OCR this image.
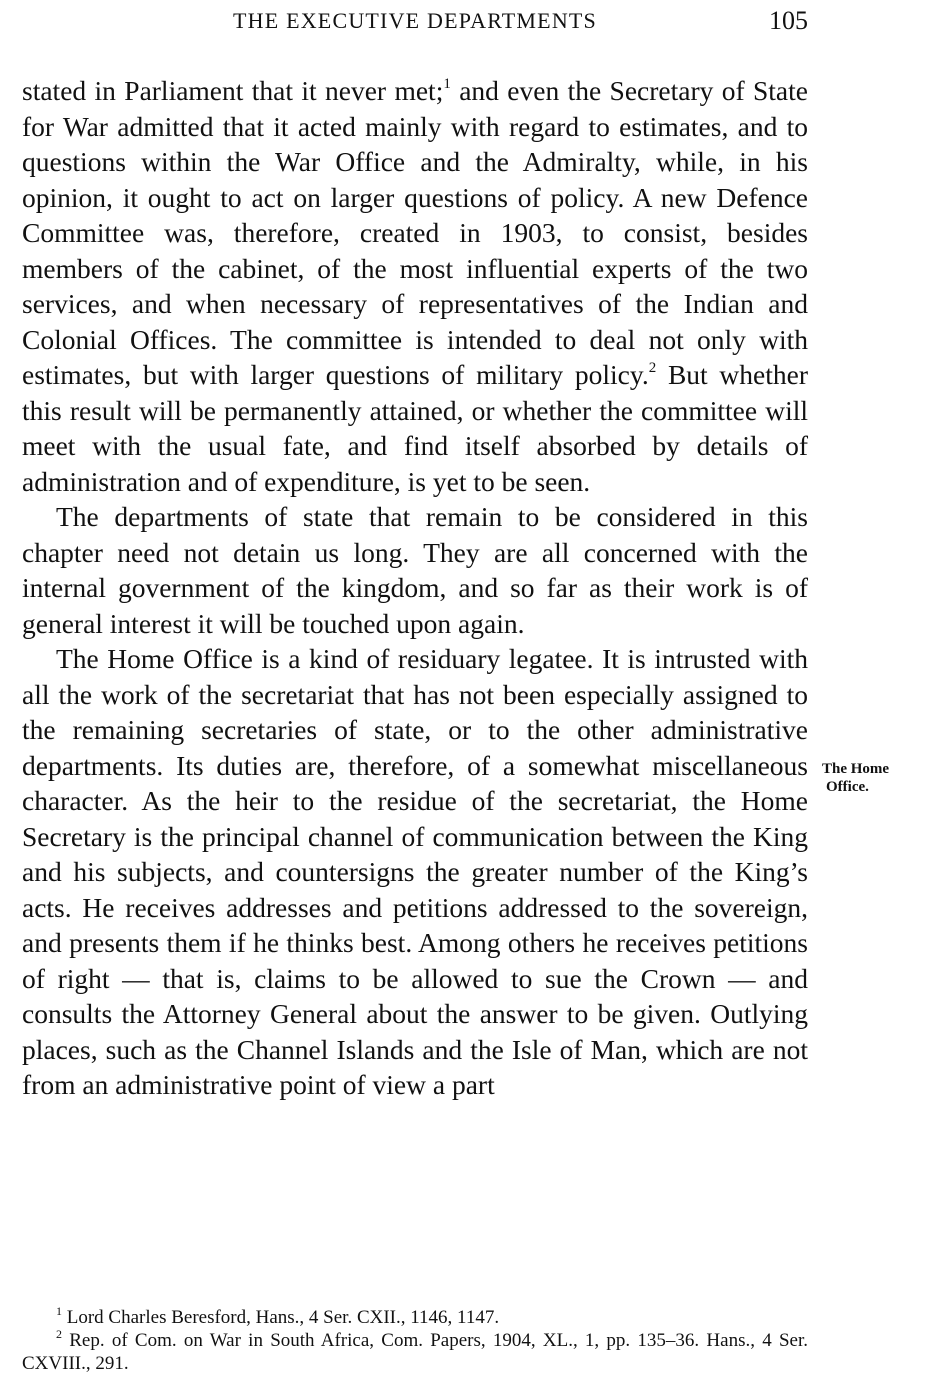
THE EXECUTIVE DEPARTMENTS	105

stated in Parliament that it never met;$^1$ and even the Secretary of State for War admitted that it acted mainly with regard to estimates, and to questions within the War Office and the Admiralty, while, in his opinion, it ought to act on larger questions of policy. A new Defence Committee was, therefore, created in 1903, to consist, besides members of the cabinet, of the most influential experts of the two services, and when necessary of representatives of the Indian and Colonial Offices. The committee is intended to deal not only with estimates, but with larger questions of military policy.$^2$ But whether this result will be permanently attained, or whether the committee will meet with the usual fate, and find itself absorbed by details of administration and of expenditure, is yet to be seen.

The departments of state that remain to be considered in this chapter need not detain us long. They are all concerned with the internal government of the kingdom, and so far as their work is of general interest it will be touched upon again.

The Home Office is a kind of residuary legatee. It is intrusted with all the work of the secretariat that has not been especially assigned to the remaining secretaries of state, or to the other administrative departments. Its duties are, therefore, of a somewhat miscellaneous character. As the heir to the residue of the secretariat, the Home Secretary is the principal channel of communication between the King and his subjects, and countersigns the greater number of the King’s acts. He receives addresses and petitions addressed to the sovereign, and presents them if he thinks best. Among others he receives petitions of right — that is, claims to be allowed to sue the Crown — and consults the Attorney General about the answer to be given. Outlying places, such as the Channel Islands and the Isle of Man, which are not from an administrative point of view a part

The Home
Office.

$^1$ Lord Charles Beresford, Hans., 4 Ser. CXII., 1146, 1147.

$^2$ Rep. of Com. on War in South Africa, Com. Papers, 1904, XL., 1, pp. 135–36. Hans., 4 Ser. CXVIII., 291.
